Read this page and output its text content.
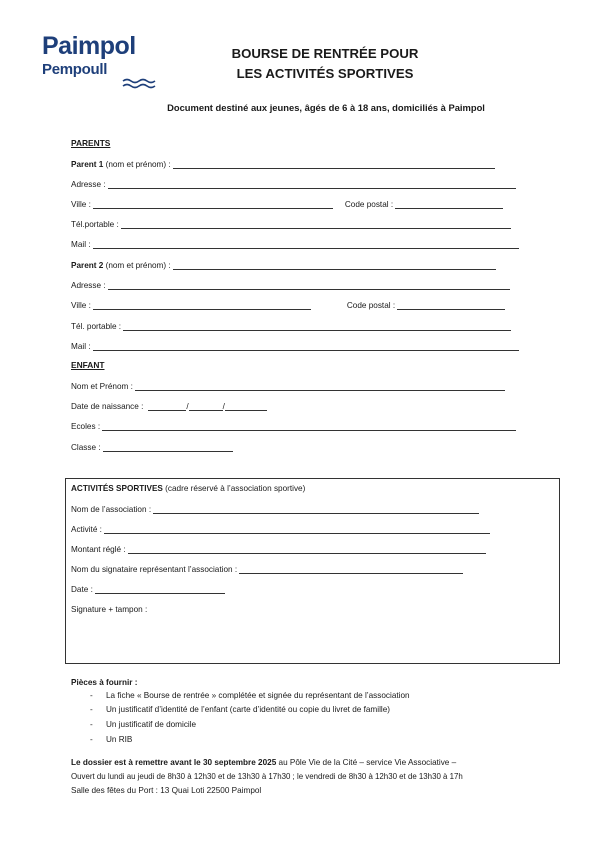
Paimpol
Pempoull
BOURSE DE RENTRÉE POUR
LES ACTIVITÉS SPORTIVES
Document destiné aux jeunes, âgés de 6 à 18 ans, domiciliés à Paimpol
PARENTS
Parent 1 (nom et prénom) :
Adresse :
Ville :	Code postal :
Tél.portable :
Mail :
Parent 2 (nom et prénom) :
Adresse :
Ville :	Code postal :
Tél. portable :
Mail :
ENFANT
Nom et Prénom :
Date de naissance :	/	/
Ecoles :
Classe :
ACTIVITÉS SPORTIVES (cadre réservé à l’association sportive)
Nom de l’association :
Activité :
Montant réglé :
Nom du signataire représentant l’association :
Date :
Signature + tampon :
Pièces à fournir :
- La fiche « Bourse de rentrée » complétée et signée du représentant de l’association
- Un justificatif d’identité de l’enfant (carte d’identité ou copie du livret de famille)
- Un justificatif de domicile
- Un RIB
Le dossier est à remettre avant le 30 septembre 2025 au Pôle Vie de la Cité – service Vie Associative –
Ouvert du lundi au jeudi de 8h30 à 12h30 et de 13h30 à 17h30 ; le vendredi de 8h30 à 12h30 et de 13h30 à 17h
Salle des fêtes du Port : 13 Quai Loti 22500 Paimpol
